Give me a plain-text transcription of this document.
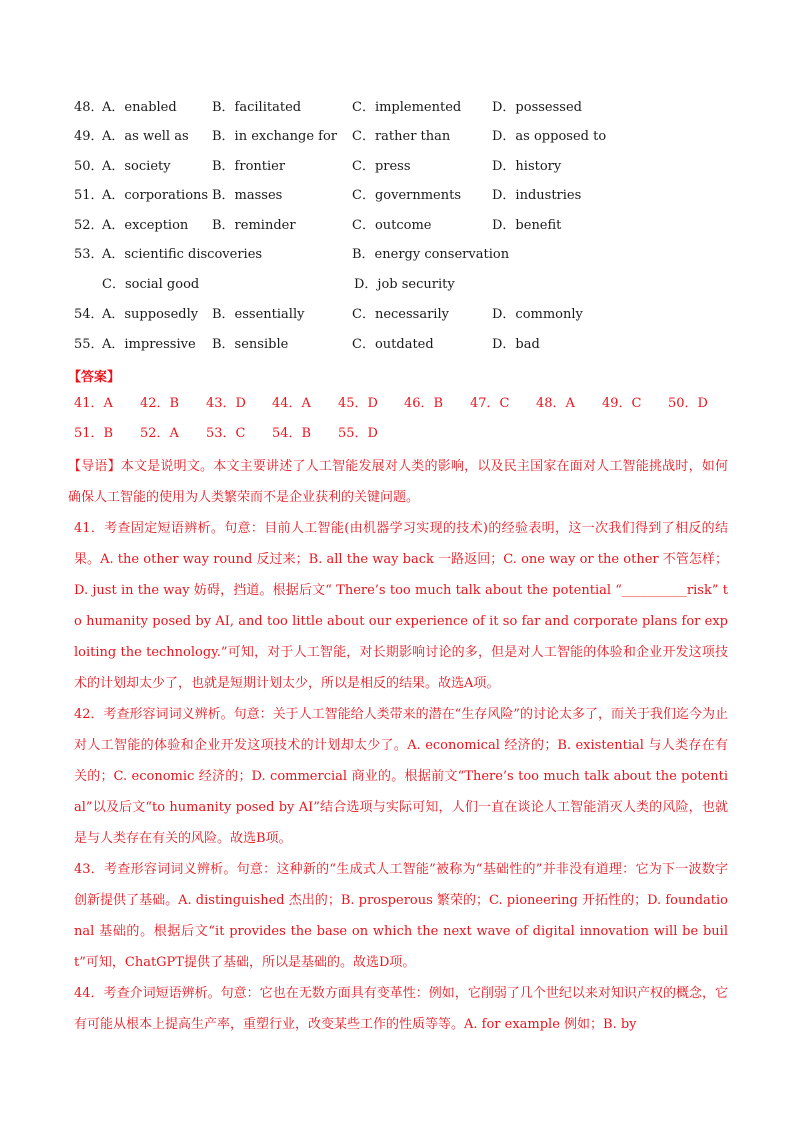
48．
A．enabled	B．facilitated	C．implemented D．possessed
49．
A．as well as B．in exchange for C．rather than	D．as opposed to
50．
A．society	B．frontier	C．press	D．history
51．
A．corporations B．masses	C．governments D．industries
52．
A．exception B．reminder	C．outcome	D．benefit
53．
A．scientific discoveries	B．energy conservation
C．social good	D．job security
54．
A．supposedly B．essentially	C．necessarily	D．commonly
55．
A．impressive B．sensible	C．outdated	D．bad
【答案】
41．A 42．B 43．D 44．A 45．D 46．B 47．C 48．A 49．C 50．D
51．B 52．A 53．C 54．B 55．D
【导语】本文是说明文。本文主要讲述了人工智能发展对人类的影响，以及民主国家在面对人工智能挑战时，如何确保人工智能的使用为人类繁荣而不是企业获利的关键问题。
41．考查固定短语辨析。句意：目前人工智能(由机器学习实现的技术)的经验表明，这一次我们得到了相反的结果。A. the other way round 反过来；B. all the way back 一路返回；C. one way or the other 不管怎样；D. just in the way 妨碍，挡道。根据后文“ There’s too much talk about the potential “__________risk” to humanity posed by AI, and too little about our experience of it so far and corporate plans for exploiting the technology.”可知，对于人工智能，对长期影响讨论的多，但是对人工智能的体验和企业开发这项技术的计划却太少了，也就是短期计划太少，所以是相反的结果。故选A项。
42．考查形容词词义辨析。句意：关于人工智能给人类带来的潜在“生存风险”的讨论太多了，而关于我们迄今为止对人工智能的体验和企业开发这项技术的计划却太少了。A. economical 经济的；B. existential 与人类存在有关的；C. economic 经济的；D. commercial 商业的。根据前文“There’s too much talk about the potential”以及后文“to humanity posed by AI”结合选项与实际可知，人们一直在谈论人工智能消灭人类的风险，也就是与人类存在有关的风险。故选B项。
43．考查形容词词义辨析。句意：这种新的“生成式人工智能”被称为“基础性的”并非没有道理：它为下一波数字创新提供了基础。A. distinguished 杰出的；B. prosperous 繁荣的；C. pioneering 开拓性的；D. foundational 基础的。根据后文“it provides the base on which the next wave of digital innovation will be built”可知，ChatGPT提供了基础，所以是基础的。故选D项。
44．考查介词短语辨析。句意：它也在无数方面具有变革性：例如，它削弱了几个世纪以来对知识产权的概念，它有可能从根本上提高生产率，重塑行业，改变某些工作的性质等等。A. for example 例如；B. by
